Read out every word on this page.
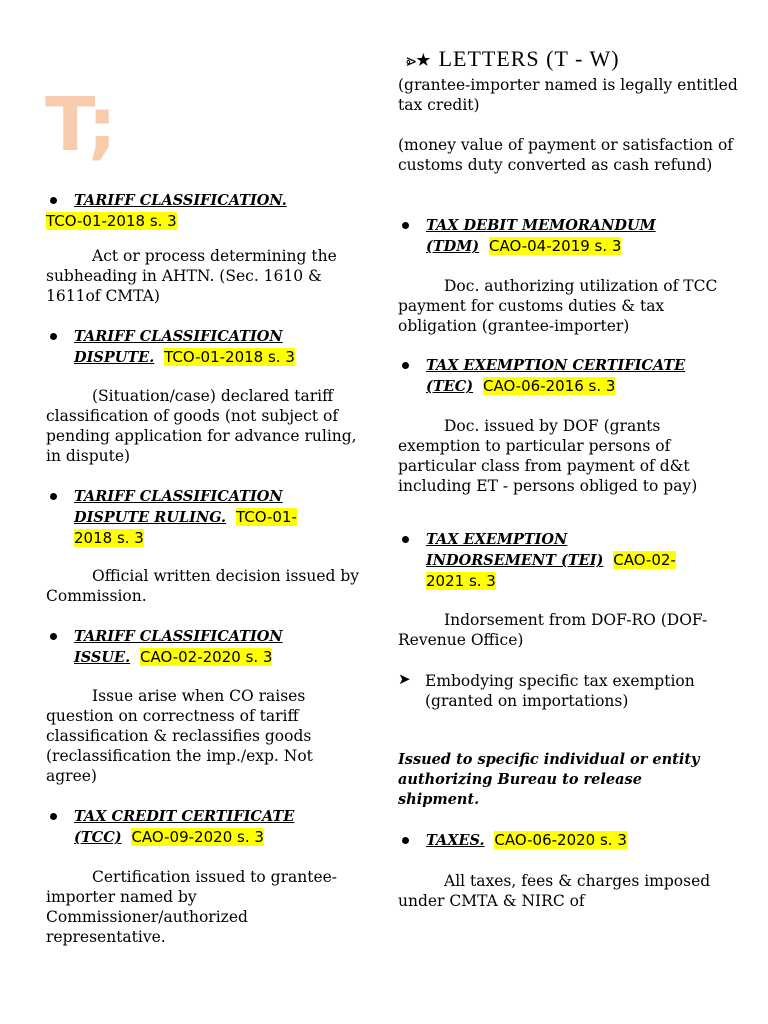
T;
⩺★ LETTERS (T - W)
TARIFF CLASSIFICATION.
TCO-01-2018 s. 3
Act or process determining the subheading in AHTN. (Sec. 1610 & 1611of CMTA)
TARIFF CLASSIFICATION
DISPUTE. TCO-01-2018 s. 3
(Situation/case) declared tariff classification of goods (not subject of pending application for advance ruling, in dispute)
TARIFF CLASSIFICATION
DISPUTE RULING. TCO-01-
2018 s. 3
Official written decision issued by Commission.
TARIFF CLASSIFICATION
ISSUE. CAO-02-2020 s. 3
Issue arise when CO raises question on correctness of tariff classification & reclassifies goods (reclassification the imp./exp. Not agree)
TAX CREDIT CERTIFICATE
(TCC) CAO-09-2020 s. 3
Certification issued to grantee-importer named by Commissioner/authorized representative.
(grantee-importer named is legally entitled tax credit)
(money value of payment or satisfaction of customs duty converted as cash refund)
TAX DEBIT MEMORANDUM
(TDM) CAO-04-2019 s. 3
Doc. authorizing utilization of TCC payment for customs duties & tax obligation (grantee-importer)
TAX EXEMPTION CERTIFICATE
(TEC) CAO-06-2016 s. 3
Doc. issued by DOF (grants exemption to particular persons of particular class from payment of d&t including ET - persons obliged to pay)
TAX EXEMPTION
INDORSEMENT (TEI) CAO-02-
2021 s. 3
Indorsement from DOF-RO (DOF-Revenue Office)
➤ Embodying specific tax exemption (granted on importations)
Issued to specific individual or entity authorizing Bureau to release shipment.
TAXES. CAO-06-2020 s. 3
All taxes, fees & charges imposed under CMTA & NIRC of
